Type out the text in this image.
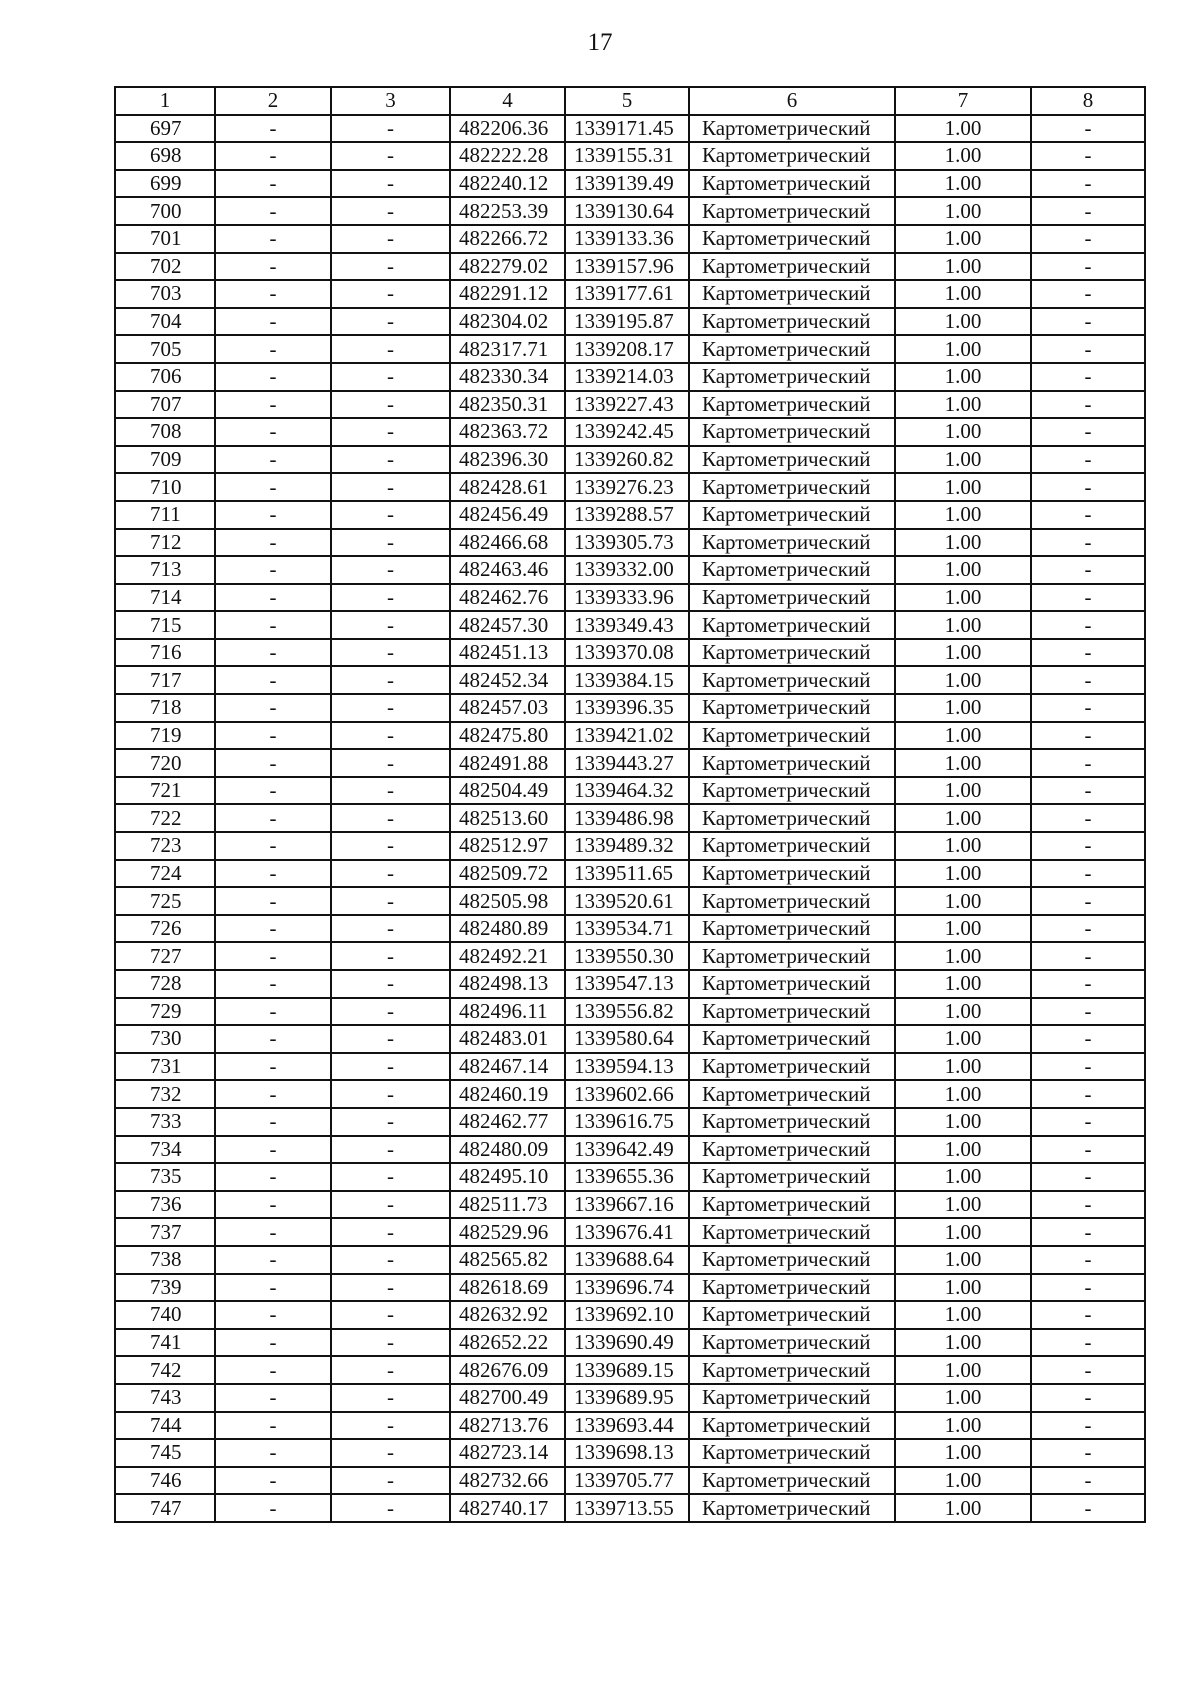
17
1	2	3	4	5	6	7	8
697	-	-	482206.36	1339171.45	Картометрический	1.00	-
698	-	-	482222.28	1339155.31	Картометрический	1.00	-
699	-	-	482240.12	1339139.49	Картометрический	1.00	-
700	-	-	482253.39	1339130.64	Картометрический	1.00	-
701	-	-	482266.72	1339133.36	Картометрический	1.00	-
702	-	-	482279.02	1339157.96	Картометрический	1.00	-
703	-	-	482291.12	1339177.61	Картометрический	1.00	-
704	-	-	482304.02	1339195.87	Картометрический	1.00	-
705	-	-	482317.71	1339208.17	Картометрический	1.00	-
706	-	-	482330.34	1339214.03	Картометрический	1.00	-
707	-	-	482350.31	1339227.43	Картометрический	1.00	-
708	-	-	482363.72	1339242.45	Картометрический	1.00	-
709	-	-	482396.30	1339260.82	Картометрический	1.00	-
710	-	-	482428.61	1339276.23	Картометрический	1.00	-
711	-	-	482456.49	1339288.57	Картометрический	1.00	-
712	-	-	482466.68	1339305.73	Картометрический	1.00	-
713	-	-	482463.46	1339332.00	Картометрический	1.00	-
714	-	-	482462.76	1339333.96	Картометрический	1.00	-
715	-	-	482457.30	1339349.43	Картометрический	1.00	-
716	-	-	482451.13	1339370.08	Картометрический	1.00	-
717	-	-	482452.34	1339384.15	Картометрический	1.00	-
718	-	-	482457.03	1339396.35	Картометрический	1.00	-
719	-	-	482475.80	1339421.02	Картометрический	1.00	-
720	-	-	482491.88	1339443.27	Картометрический	1.00	-
721	-	-	482504.49	1339464.32	Картометрический	1.00	-
722	-	-	482513.60	1339486.98	Картометрический	1.00	-
723	-	-	482512.97	1339489.32	Картометрический	1.00	-
724	-	-	482509.72	1339511.65	Картометрический	1.00	-
725	-	-	482505.98	1339520.61	Картометрический	1.00	-
726	-	-	482480.89	1339534.71	Картометрический	1.00	-
727	-	-	482492.21	1339550.30	Картометрический	1.00	-
728	-	-	482498.13	1339547.13	Картометрический	1.00	-
729	-	-	482496.11	1339556.82	Картометрический	1.00	-
730	-	-	482483.01	1339580.64	Картометрический	1.00	-
731	-	-	482467.14	1339594.13	Картометрический	1.00	-
732	-	-	482460.19	1339602.66	Картометрический	1.00	-
733	-	-	482462.77	1339616.75	Картометрический	1.00	-
734	-	-	482480.09	1339642.49	Картометрический	1.00	-
735	-	-	482495.10	1339655.36	Картометрический	1.00	-
736	-	-	482511.73	1339667.16	Картометрический	1.00	-
737	-	-	482529.96	1339676.41	Картометрический	1.00	-
738	-	-	482565.82	1339688.64	Картометрический	1.00	-
739	-	-	482618.69	1339696.74	Картометрический	1.00	-
740	-	-	482632.92	1339692.10	Картометрический	1.00	-
741	-	-	482652.22	1339690.49	Картометрический	1.00	-
742	-	-	482676.09	1339689.15	Картометрический	1.00	-
743	-	-	482700.49	1339689.95	Картометрический	1.00	-
744	-	-	482713.76	1339693.44	Картометрический	1.00	-
745	-	-	482723.14	1339698.13	Картометрический	1.00	-
746	-	-	482732.66	1339705.77	Картометрический	1.00	-
747	-	-	482740.17	1339713.55	Картометрический	1.00	-
